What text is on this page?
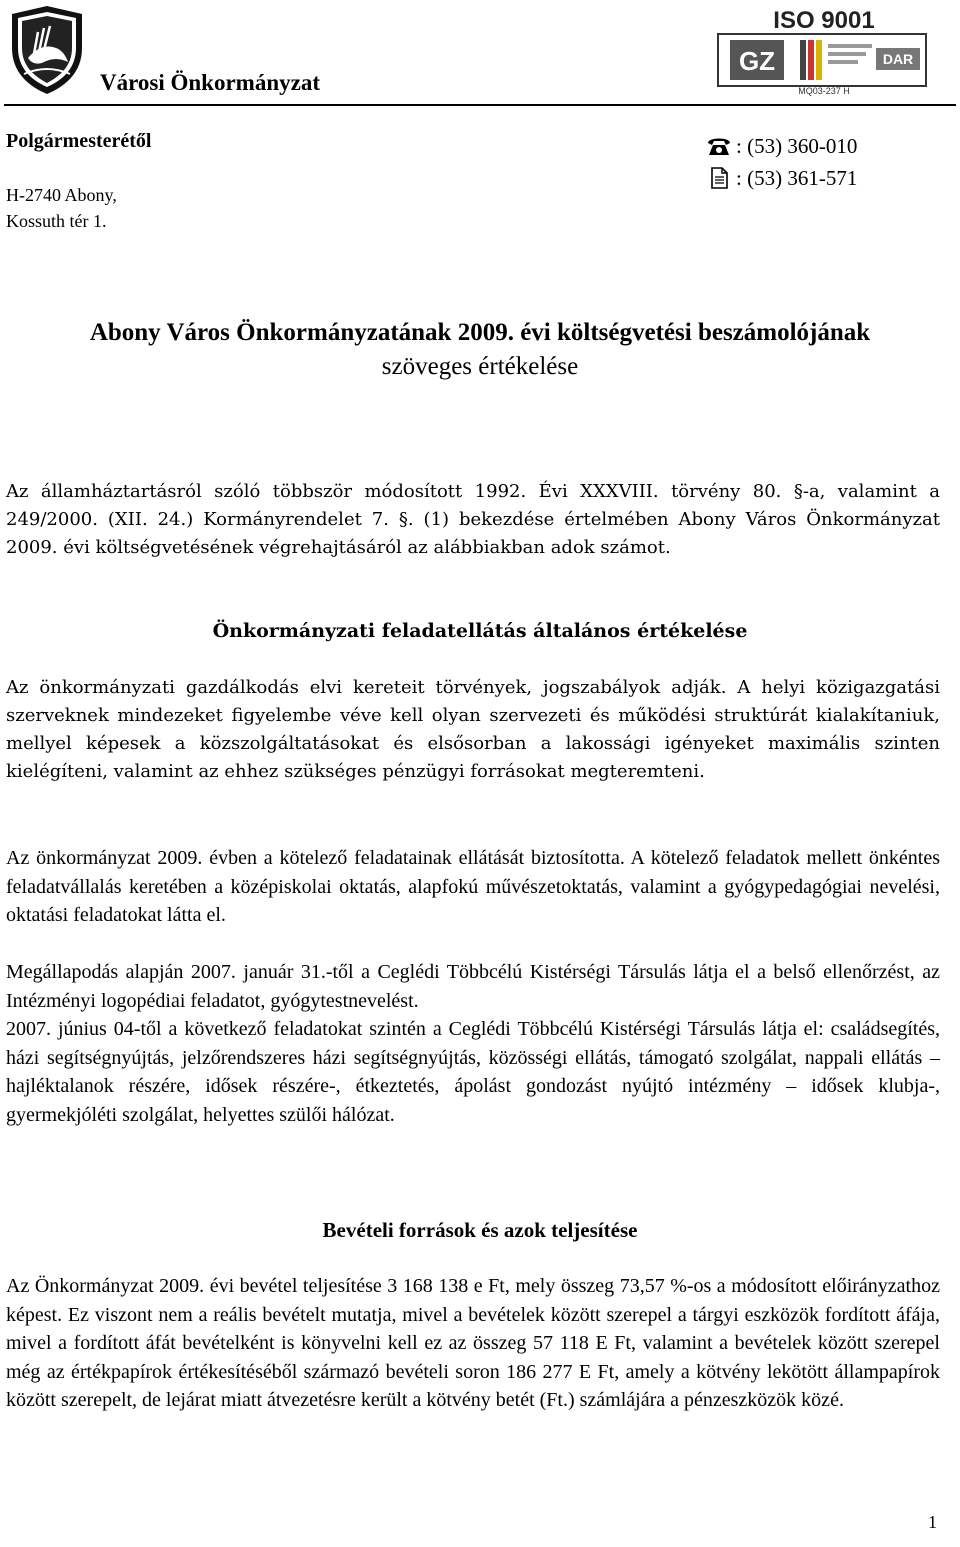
Városi Önkormányzat
ISO 9001
GZ	DAR
MQ03-237 H
Polgármesterétől
H-2740 Abony,
Kossuth tér 1.
: (53) 360-010
: (53) 361-571
Abony Város Önkormányzatának 2009. évi költségvetési beszámolójának
szöveges értékelése
Az államháztartásról szóló többször módosított 1992. Évi XXXVIII. törvény 80. §-a, valamint a 249/2000. (XII. 24.) Kormányrendelet 7. §. (1) bekezdése értelmében Abony Város Önkormányzat 2009. évi költségvetésének végrehajtásáról az alábbiakban adok számot.
Önkormányzati feladatellátás általános értékelése
Az önkormányzati gazdálkodás elvi kereteit törvények, jogszabályok adják. A helyi közigazgatási szerveknek mindezeket figyelembe véve kell olyan szervezeti és működési struktúrát kialakítaniuk, mellyel képesek a közszolgáltatásokat és elsősorban a lakossági igényeket maximális szinten kielégíteni, valamint az ehhez szükséges pénzügyi forrásokat megteremteni.
Az önkormányzat 2009. évben a kötelező feladatainak ellátását biztosította. A kötelező feladatok mellett önkéntes feladatvállalás keretében a középiskolai oktatás, alapfokú művészetoktatás, valamint a gyógypedagógiai nevelési, oktatási feladatokat látta el.
Megállapodás alapján 2007. január 31.-től a Ceglédi Többcélú Kistérségi Társulás látja el a belső ellenőrzést, az Intézményi logopédiai feladatot, gyógytestnevelést.
2007. június 04-től a következő feladatokat szintén a Ceglédi Többcélú Kistérségi Társulás látja el: családsegítés, házi segítségnyújtás, jelzőrendszeres házi segítségnyújtás, közösségi ellátás, támogató szolgálat, nappali ellátás – hajléktalanok részére, idősek részére-, étkeztetés, ápolást gondozást nyújtó intézmény – idősek klubja-, gyermekjóléti szolgálat, helyettes szülői hálózat.
Bevételi források és azok teljesítése
Az Önkormányzat 2009. évi bevétel teljesítése 3 168 138 e Ft, mely összeg 73,57 %-os a módosított előirányzathoz képest. Ez viszont nem a reális bevételt mutatja, mivel a bevételek között szerepel a tárgyi eszközök fordított áfája, mivel a fordított áfát bevételként is könyvelni kell ez az összeg 57 118 E Ft, valamint a bevételek között szerepel még az értékpapírok értékesítéséből származó bevételi soron 186 277 E Ft, amely a kötvény lekötött állampapírok között szerepelt, de lejárat miatt átvezetésre került a kötvény betét (Ft.) számlájára a pénzeszközök közé.
1
